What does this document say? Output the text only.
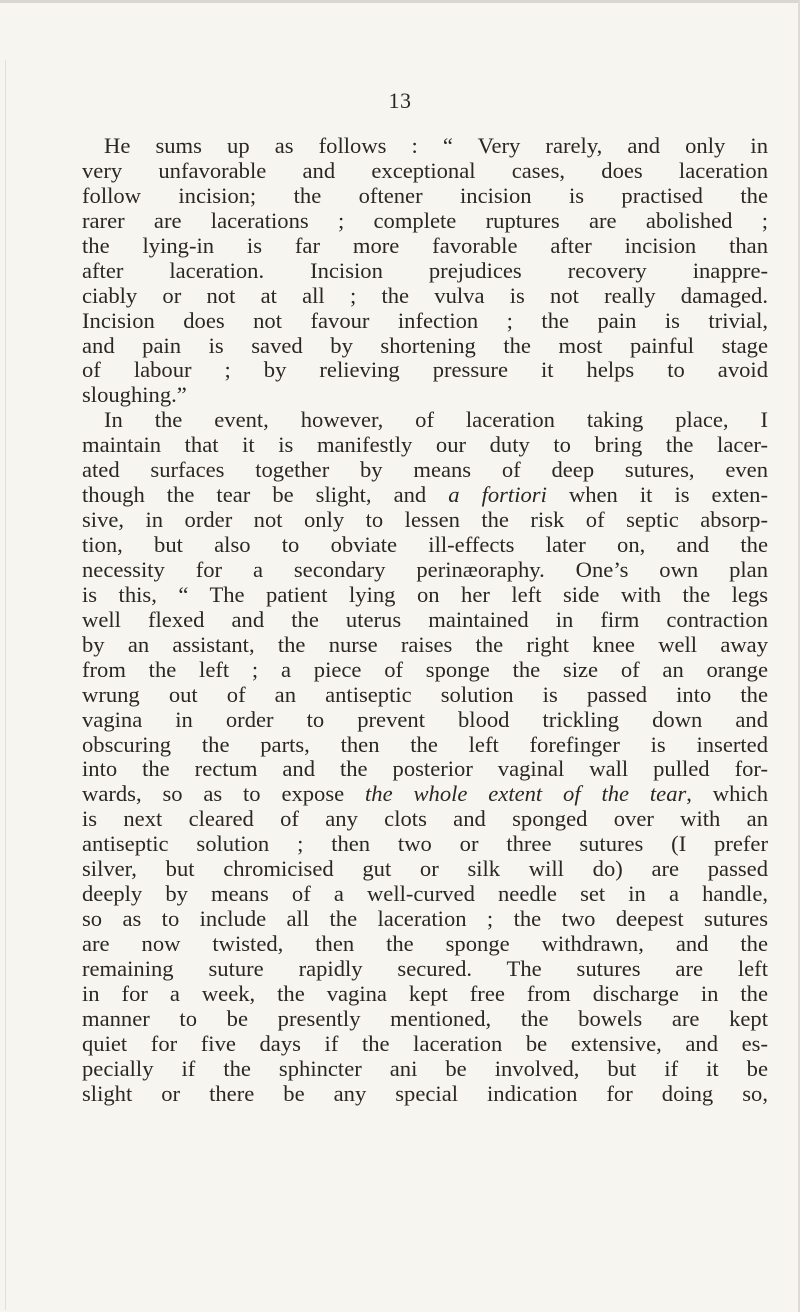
13
He sums up as follows : “ Very rarely, and only in
very unfavorable and exceptional cases, does laceration
follow incision; the oftener incision is practised the
rarer are lacerations ; complete ruptures are abolished ;
the lying-in is far more favorable after incision than
after laceration. Incision prejudices recovery inappre-
ciably or not at all ; the vulva is not really damaged.
Incision does not favour infection ; the pain is trivial,
and pain is saved by shortening the most painful stage
of labour ; by relieving pressure it helps to avoid
sloughing.”
In the event, however, of laceration taking place, I
maintain that it is manifestly our duty to bring the lacer-
ated surfaces together by means of deep sutures, even
though the tear be slight, and a fortiori when it is exten-
sive, in order not only to lessen the risk of septic absorp-
tion, but also to obviate ill-effects later on, and the
necessity for a secondary perinæoraphy. One’s own plan
is this, “ The patient lying on her left side with the legs
well flexed and the uterus maintained in firm contraction
by an assistant, the nurse raises the right knee well away
from the left ; a piece of sponge the size of an orange
wrung out of an antiseptic solution is passed into the
vagina in order to prevent blood trickling down and
obscuring the parts, then the left forefinger is inserted
into the rectum and the posterior vaginal wall pulled for-
wards, so as to expose the whole extent of the tear, which
is next cleared of any clots and sponged over with an
antiseptic solution ; then two or three sutures (I prefer
silver, but chromicised gut or silk will do) are passed
deeply by means of a well-curved needle set in a handle,
so as to include all the laceration ; the two deepest sutures
are now twisted, then the sponge withdrawn, and the
remaining suture rapidly secured. The sutures are left
in for a week, the vagina kept free from discharge in the
manner to be presently mentioned, the bowels are kept
quiet for five days if the laceration be extensive, and es-
pecially if the sphincter ani be involved, but if it be
slight or there be any special indication for doing so,
